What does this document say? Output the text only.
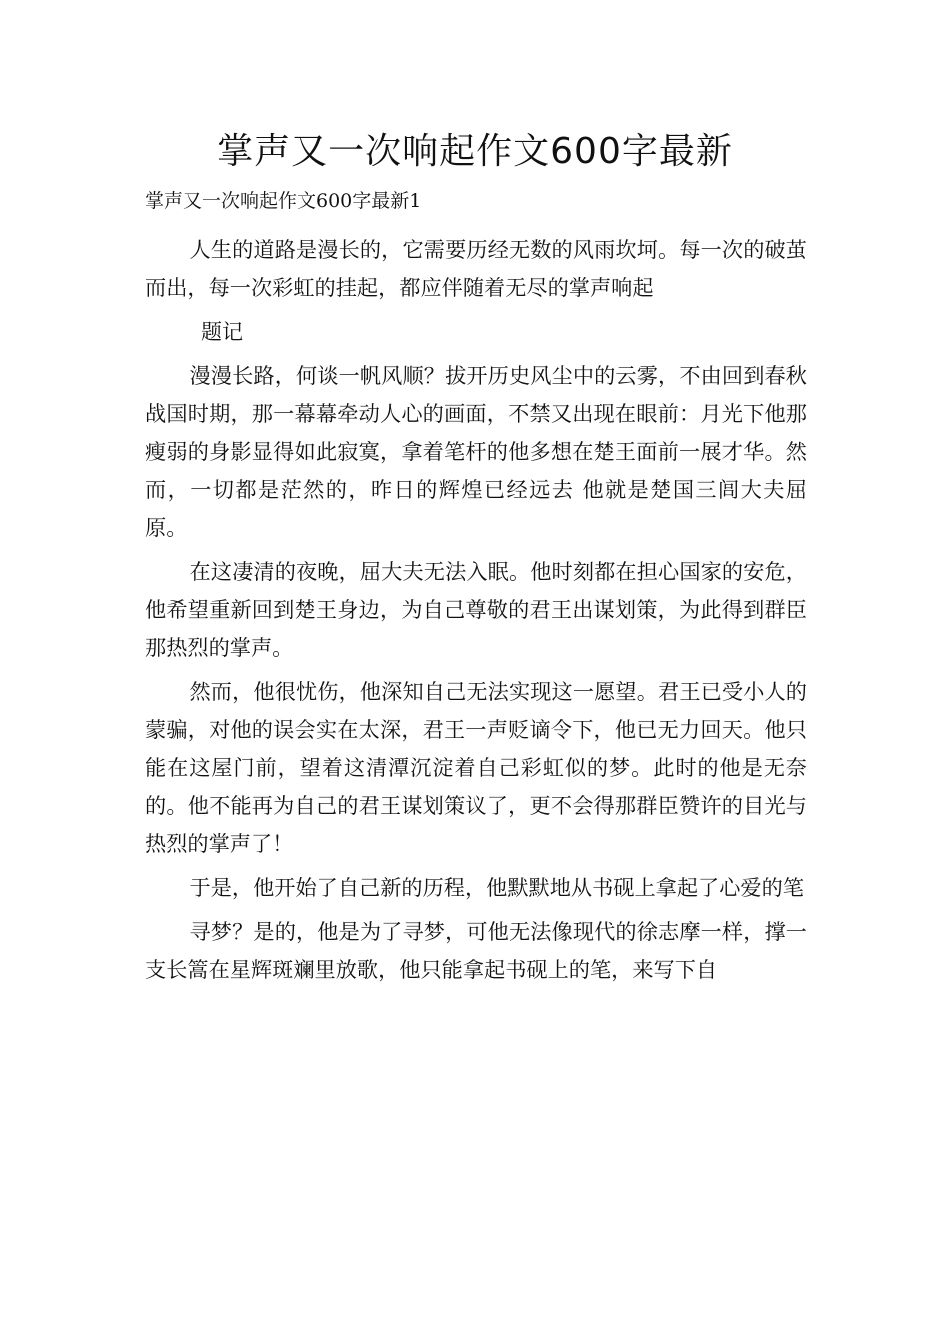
掌声又一次响起作文600字最新

掌声又一次响起作文600字最新1

人生的道路是漫长的，它需要历经无数的风雨坎坷。每一次的破茧而出，每一次彩虹的挂起，都应伴随着无尽的掌声响起

题记

漫漫长路，何谈一帆风顺？拔开历史风尘中的云雾，不由回到春秋战国时期，那一幕幕牵动人心的画面，不禁又出现在眼前：月光下他那瘦弱的身影显得如此寂寞，拿着笔杆的他多想在楚王面前一展才华。然而，一切都是茫然的，昨日的辉煌已经远去 他就是楚国三闾大夫屈原。

在这凄清的夜晚，屈大夫无法入眠。他时刻都在担心国家的安危，他希望重新回到楚王身边，为自己尊敬的君王出谋划策，为此得到群臣那热烈的掌声。

然而，他很忧伤，他深知自己无法实现这一愿望。君王已受小人的蒙骗，对他的误会实在太深，君王一声贬谪令下，他已无力回天。他只能在这屋门前，望着这清潭沉淀着自己彩虹似的梦。此时的他是无奈的。他不能再为自己的君王谋划策议了，更不会得那群臣赞许的目光与热烈的掌声了！

于是，他开始了自己新的历程，他默默地从书砚上拿起了心爱的笔

寻梦？是的，他是为了寻梦，可他无法像现代的徐志摩一样，撑一支长篙在星辉斑斓里放歌，他只能拿起书砚上的笔，来写下自
